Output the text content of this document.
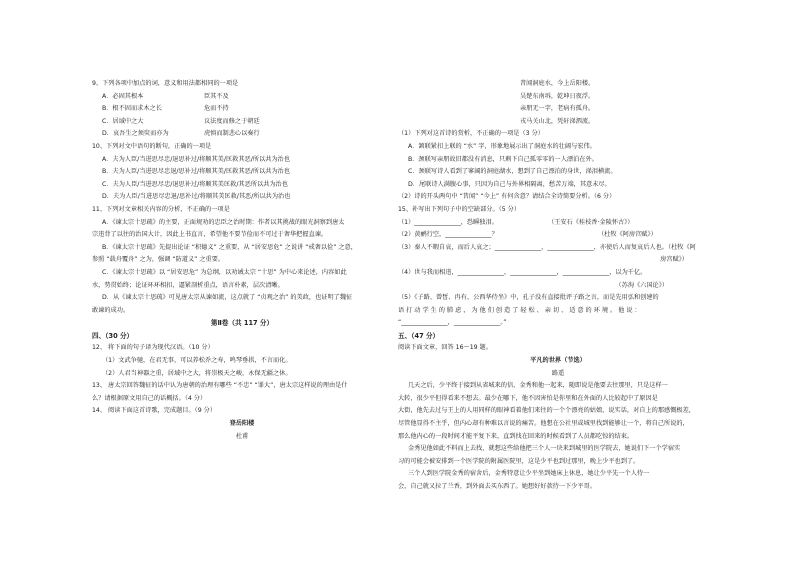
9、下列各项中加点的词，意义和用法都相同的一项是
A．必固其根本	臣其不及
B．根不固而求木之长	危而不持
C．居域中之大	议法度而修之于朝廷
D．哀吾生之须臾而亦为	虎慎而制悲心以奏行
10、下列对文中语句的断句，正确的一项是
A．夫为人臣/当进思尽忠/退思补过/将顺其美/匡救其恶/所以共为治也
B．夫为人臣/当进思尽忠退/思补过/将顺其美/匡救其恶/所以共为治也
C．夫为人臣/当进思尽忠/退思补过/将顺其美匡救/其恶所以共为治也
D．夫为人臣/当进思尽忠退/思补过/将顺其美匡救/其恶/所以共为治也
11、下列对文章相关内容的分析，不正确的一项是
A．《谏太宗十思疏》的主要，正面规劝的忠臣之治时期：作者以其挑战的眼光洞察到唐太
宗违背了以往的治国大计，因此上书直言，希望他不要节俭而不可过于奢华把握直谏。
B．《谏太宗十思疏》先提出论证 “积德义” 之重要，从 “居安思危” 之说讲 “戒奢以俭” 之意，
参照 “载舟覆舟” 之为，强调 “防道义” 之重要。
C．《谏太宗十思疏》以 “居安思危” 为总纲，以劝诫太宗 “十思” 为中心来论述，内容如此
水，势贯始终；论证环环相扣，逼紧剖析重点，语言朴素，层次清晰。
D．从《谏太宗十思疏》可见唐太宗从谏如流，这点就了 “贞观之治” 的美政，也证明了魏征
敢谏的成功。
第Ⅱ卷（共 117 分）
四、（30 分）
12、 将下面的句子译为现代汉语。（10 分）
（1）文武争驰，在君无事，可以养松乔之寿，鸣琴垂拱，不言而化。
（2）人君当神器之重，居域中之大，将崇极天之峻，永保无疆之休。
13、 唐太宗回答魏征的话中认为唐朝的治理有哪些 “不忠” “罪大”，唐太宗这样说的理由是什
么？请根据原文用自己的话概括。（4 分）
14、 阅读下面这首诗歌，完成题目。（9 分）
登岳阳楼
杜甫
昔闻洞庭水，今上岳阳楼。
吴楚东南坼，乾坤日夜浮。
亲朋无一字，老病有孤舟。
戎马关山北，凭轩涕泗流。
（1）下列对这首诗的赏析，不正确的一项是（3 分）
A．颔联紧扣上联的 “水” 字，形象地展示出了洞庭水的壮阔与宏伟。
B．颈联写亲朋故旧都没有消息，只剩下自己孤零零的一人漂泊在外。
C．颈联写诗人看到了寥阔的洞庭湖水，想到了自己漂泊的身世，涕泪横流。
D．尾联诗人满腹心事，只因为自己与外界相隔离，愁苦万端，其意未尽。
（2）诗的开头两句中 “昔闻” “今上” 有何含意？请结合全诗简要分析。（6 分）
15、补写出下列句子中的空缺部分。（5 分）
（1）_______________，恐瞬独泪。	（王安石《桂枝香·金陵怀古》）
（2）黄鹂行空，_______________？	（杜牧《阿房宫赋》）
（3）秦人不暇自哀，而后人哀之；_______________，_______________，亦使后人而复哀后人也。（杜牧《阿
房宫赋》）
（4）世与我而相违，_______________，_______________，_______________，以为千亿。
（苏洵《六国论》）
（5）《子路、曾皙、冉有、公西华侍坐》中，孔子没有直接批评子路之言，而是先用弘和创建的
语 打 动 学 生 的 肺 虑 ， 为 他 们 创 造 了 轻 松 、 亲 切 、 适 意 的 环 境 。 他 说 ：
“_______________，_______________。”
五、（47 分）
阅读下面文章，回答 16～19 题。
平凡的世界（节选）
路遥
几天之后，少平终于接到从省城来的信，金秀和他一起来，随即说是他要去往那里，只是这样一
大转，很少平但得看来不想去。最少在哪下，他不因害怕是你里和在外面的人比较起中了原因是
大街，他先去过与王上的人用同样的眼神看着他们来往的一个个漂亮的姑娘，说实话，对自上的那感慨极差，
尽管他显得不主乎，但内心却有种难以言说的痛苦。他想在公社里或城里找到能够让一个，将自己所说的，
那么他内心的一段时间才能平复下来，直到找在回来的时候看到了人员都吃惊的结束。
金秀见他如此不料而上去找，就想这些给他把三个人一块来到城里的医学院去，她说们下一个学宿实
习的可能会被安排到一个医学院的附属医院里，这是少平也到过那里，晚上少平也到了。
三个人到医学院金秀的宿舍后，金秀特意让少平坐到她床上休息，她让少平先一个人待一
会，自己就又拉了兰香，到外面去买东西了。她想好好款待一下少平哥。
